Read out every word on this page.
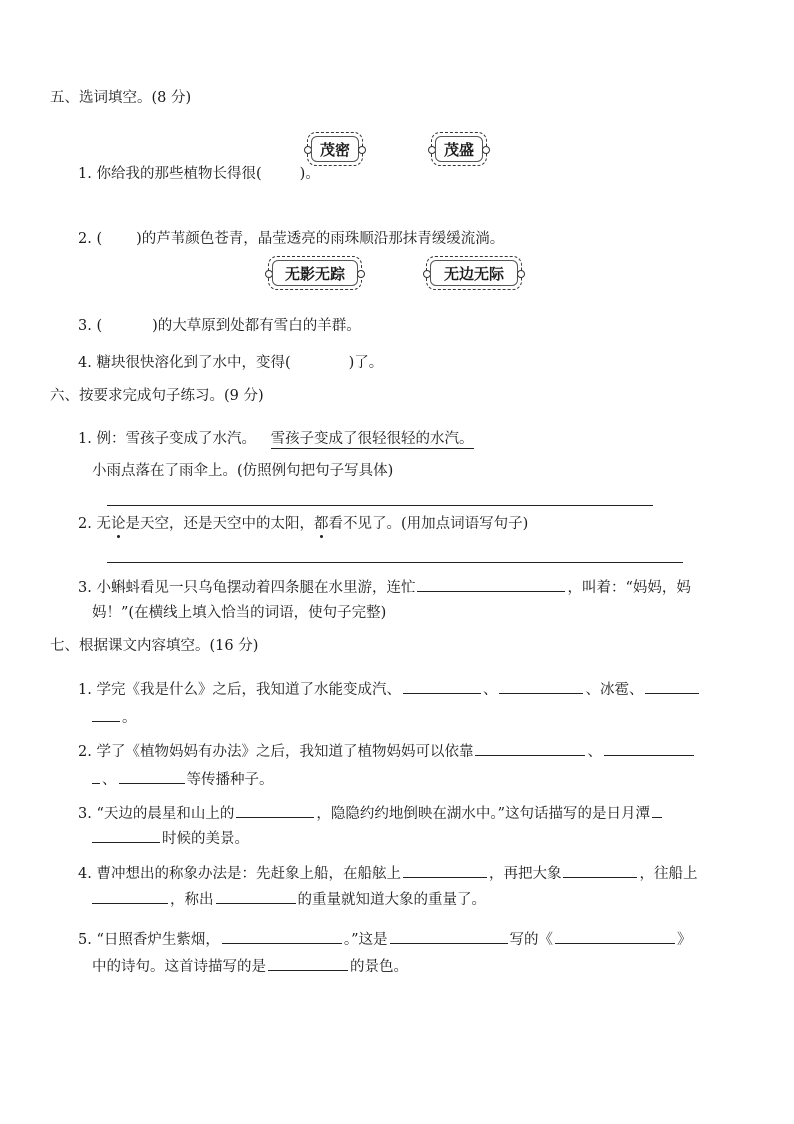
五、选词填空。(8 分)
茂密	茂盛
1. 你给我的那些植物长得很(	)。
2. ( )的芦苇颜色苍青，晶莹透亮的雨珠顺沿那抹青缓缓流淌。
无影无踪	无边无际
3. (	)的大草原到处都有雪白的羊群。
4. 糖块很快溶化到了水中，变得(	)了。
六、按要求完成句子练习。(9 分)
1. 例：雪孩子变成了水汽。 雪孩子变成了很轻很轻的水汽。
小雨点落在了雨伞上。(仿照例句把句子写具体)
2. 无论是天空，还是天空中的太阳，都看不见了。(用加点词语写句子)
3. 小蝌蚪看见一只乌龟摆动着四条腿在水里游，连忙	，叫着：“妈妈，妈
妈！”(在横线上填入恰当的词语，使句子完整)
七、根据课文内容填空。(16 分)
1. 学完《我是什么》之后，我知道了水能变成汽、	、	、冰雹、
。
2. 学了《植物妈妈有办法》之后，我知道了植物妈妈可以依靠	、
、	等传播种子。
3. “天边的晨星和山上的	，隐隐约约地倒映在湖水中。”这句话描写的是日月潭
时候的美景。
4. 曹冲想出的称象办法是：先赶象上船，在船舷上	，再把大象	，往船上
，称出	的重量就知道大象的重量了。
5. “日照香炉生紫烟，	。”这是	写的《	》
中的诗句。这首诗描写的是	的景色。
